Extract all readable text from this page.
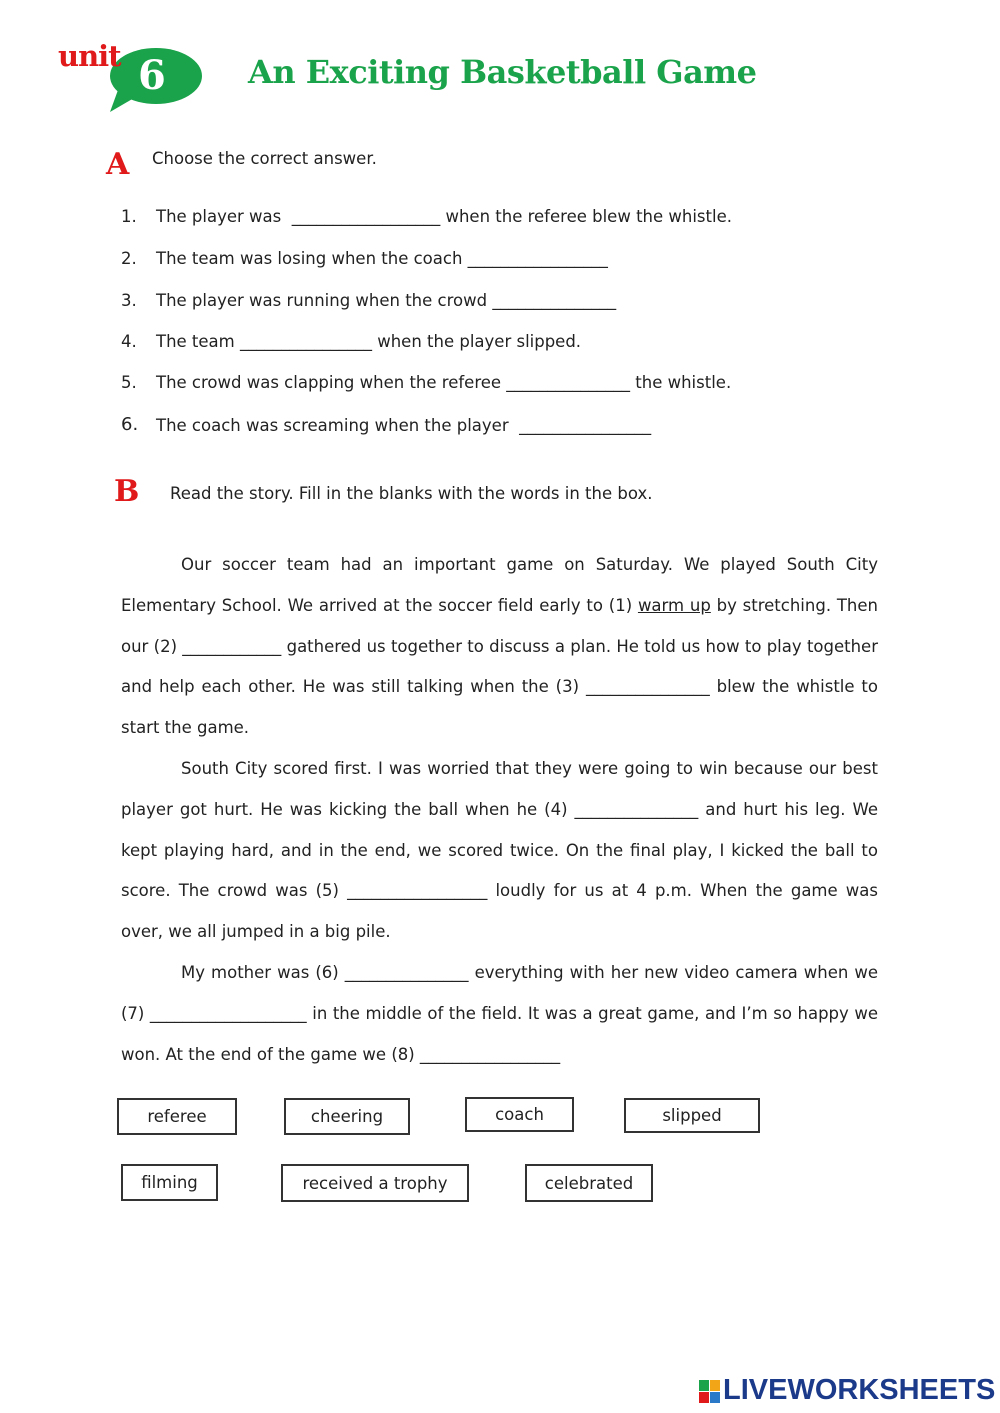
unit 6	An Exciting Basketball Game
A Choose the correct answer.
1. The player was  __________________ when the referee blew the whistle.
2. The team was losing when the coach _________________
3. The player was running when the crowd _______________
4. The team ________________ when the player slipped.
5. The crowd was clapping when the referee _______________ the whistle.
6. The coach was screaming when the player  ________________
B Read the story. Fill in the blanks with the words in the box.

Our soccer team had an important game on Saturday. We played South City Elementary School. We arrived at the soccer field early to (1) warm up by stretching. Then our (2) ____________ gathered us together to discuss a plan. He told us how to play together and help each other. He was still talking when the (3) _______________ blew the whistle to start the game.

South City scored first. I was worried that they were going to win because our best player got hurt. He was kicking the ball when he (4) _______________ and hurt his leg. We kept playing hard, and in the end, we scored twice. On the final play, I kicked the ball to score. The crowd was (5) _________________ loudly for us at 4 p.m. When the game was over, we all jumped in a big pile.

My mother was (6) _______________ everything with her new video camera when we (7) ___________________ in the middle of the field. It was a great game, and I’m so happy we won. At the end of the game we (8) _________________

referee	cheering	coach	slipped
filming	received a trophy	celebrated
LIVEWORKSHEETS
